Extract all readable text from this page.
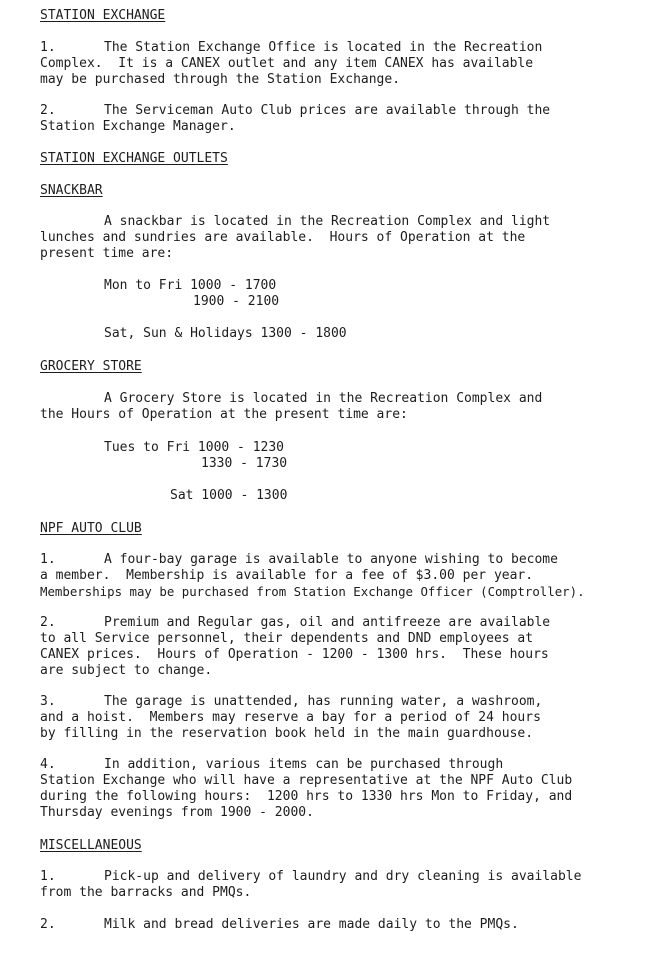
STATION EXCHANGE
1.	The Station Exchange Office is located in the Recreation
Complex.  It is a CANEX outlet and any item CANEX has available
may be purchased through the Station Exchange.
2.	The Serviceman Auto Club prices are available through the
Station Exchange Manager.
STATION EXCHANGE OUTLETS
SNACKBAR
A snackbar is located in the Recreation Complex and light
lunches and sundries are available.  Hours of Operation at the
present time are:
Mon to Fri 1000 - 1700
1900 - 2100
Sat, Sun & Holidays 1300 - 1800
GROCERY STORE
A Grocery Store is located in the Recreation Complex and
the Hours of Operation at the present time are:
Tues to Fri 1000 - 1230
1330 - 1730
Sat 1000 - 1300
NPF AUTO CLUB
1.	A four-bay garage is available to anyone wishing to become
a member.  Membership is available for a fee of $3.00 per year.
Memberships may be purchased from Station Exchange Officer (Comptroller).
2.	Premium and Regular gas, oil and antifreeze are available
to all Service personnel, their dependents and DND employees at
CANEX prices.  Hours of Operation - 1200 - 1300 hrs.  These hours
are subject to change.
3.	The garage is unattended, has running water, a washroom,
and a hoist.  Members may reserve a bay for a period of 24 hours
by filling in the reservation book held in the main guardhouse.
4.	In addition, various items can be purchased through
Station Exchange who will have a representative at the NPF Auto Club
during the following hours:  1200 hrs to 1330 hrs Mon to Friday, and
Thursday evenings from 1900 - 2000.
MISCELLANEOUS
1.	Pick-up and delivery of laundry and dry cleaning is available
from the barracks and PMQs.
2.	Milk and bread deliveries are made daily to the PMQs.
